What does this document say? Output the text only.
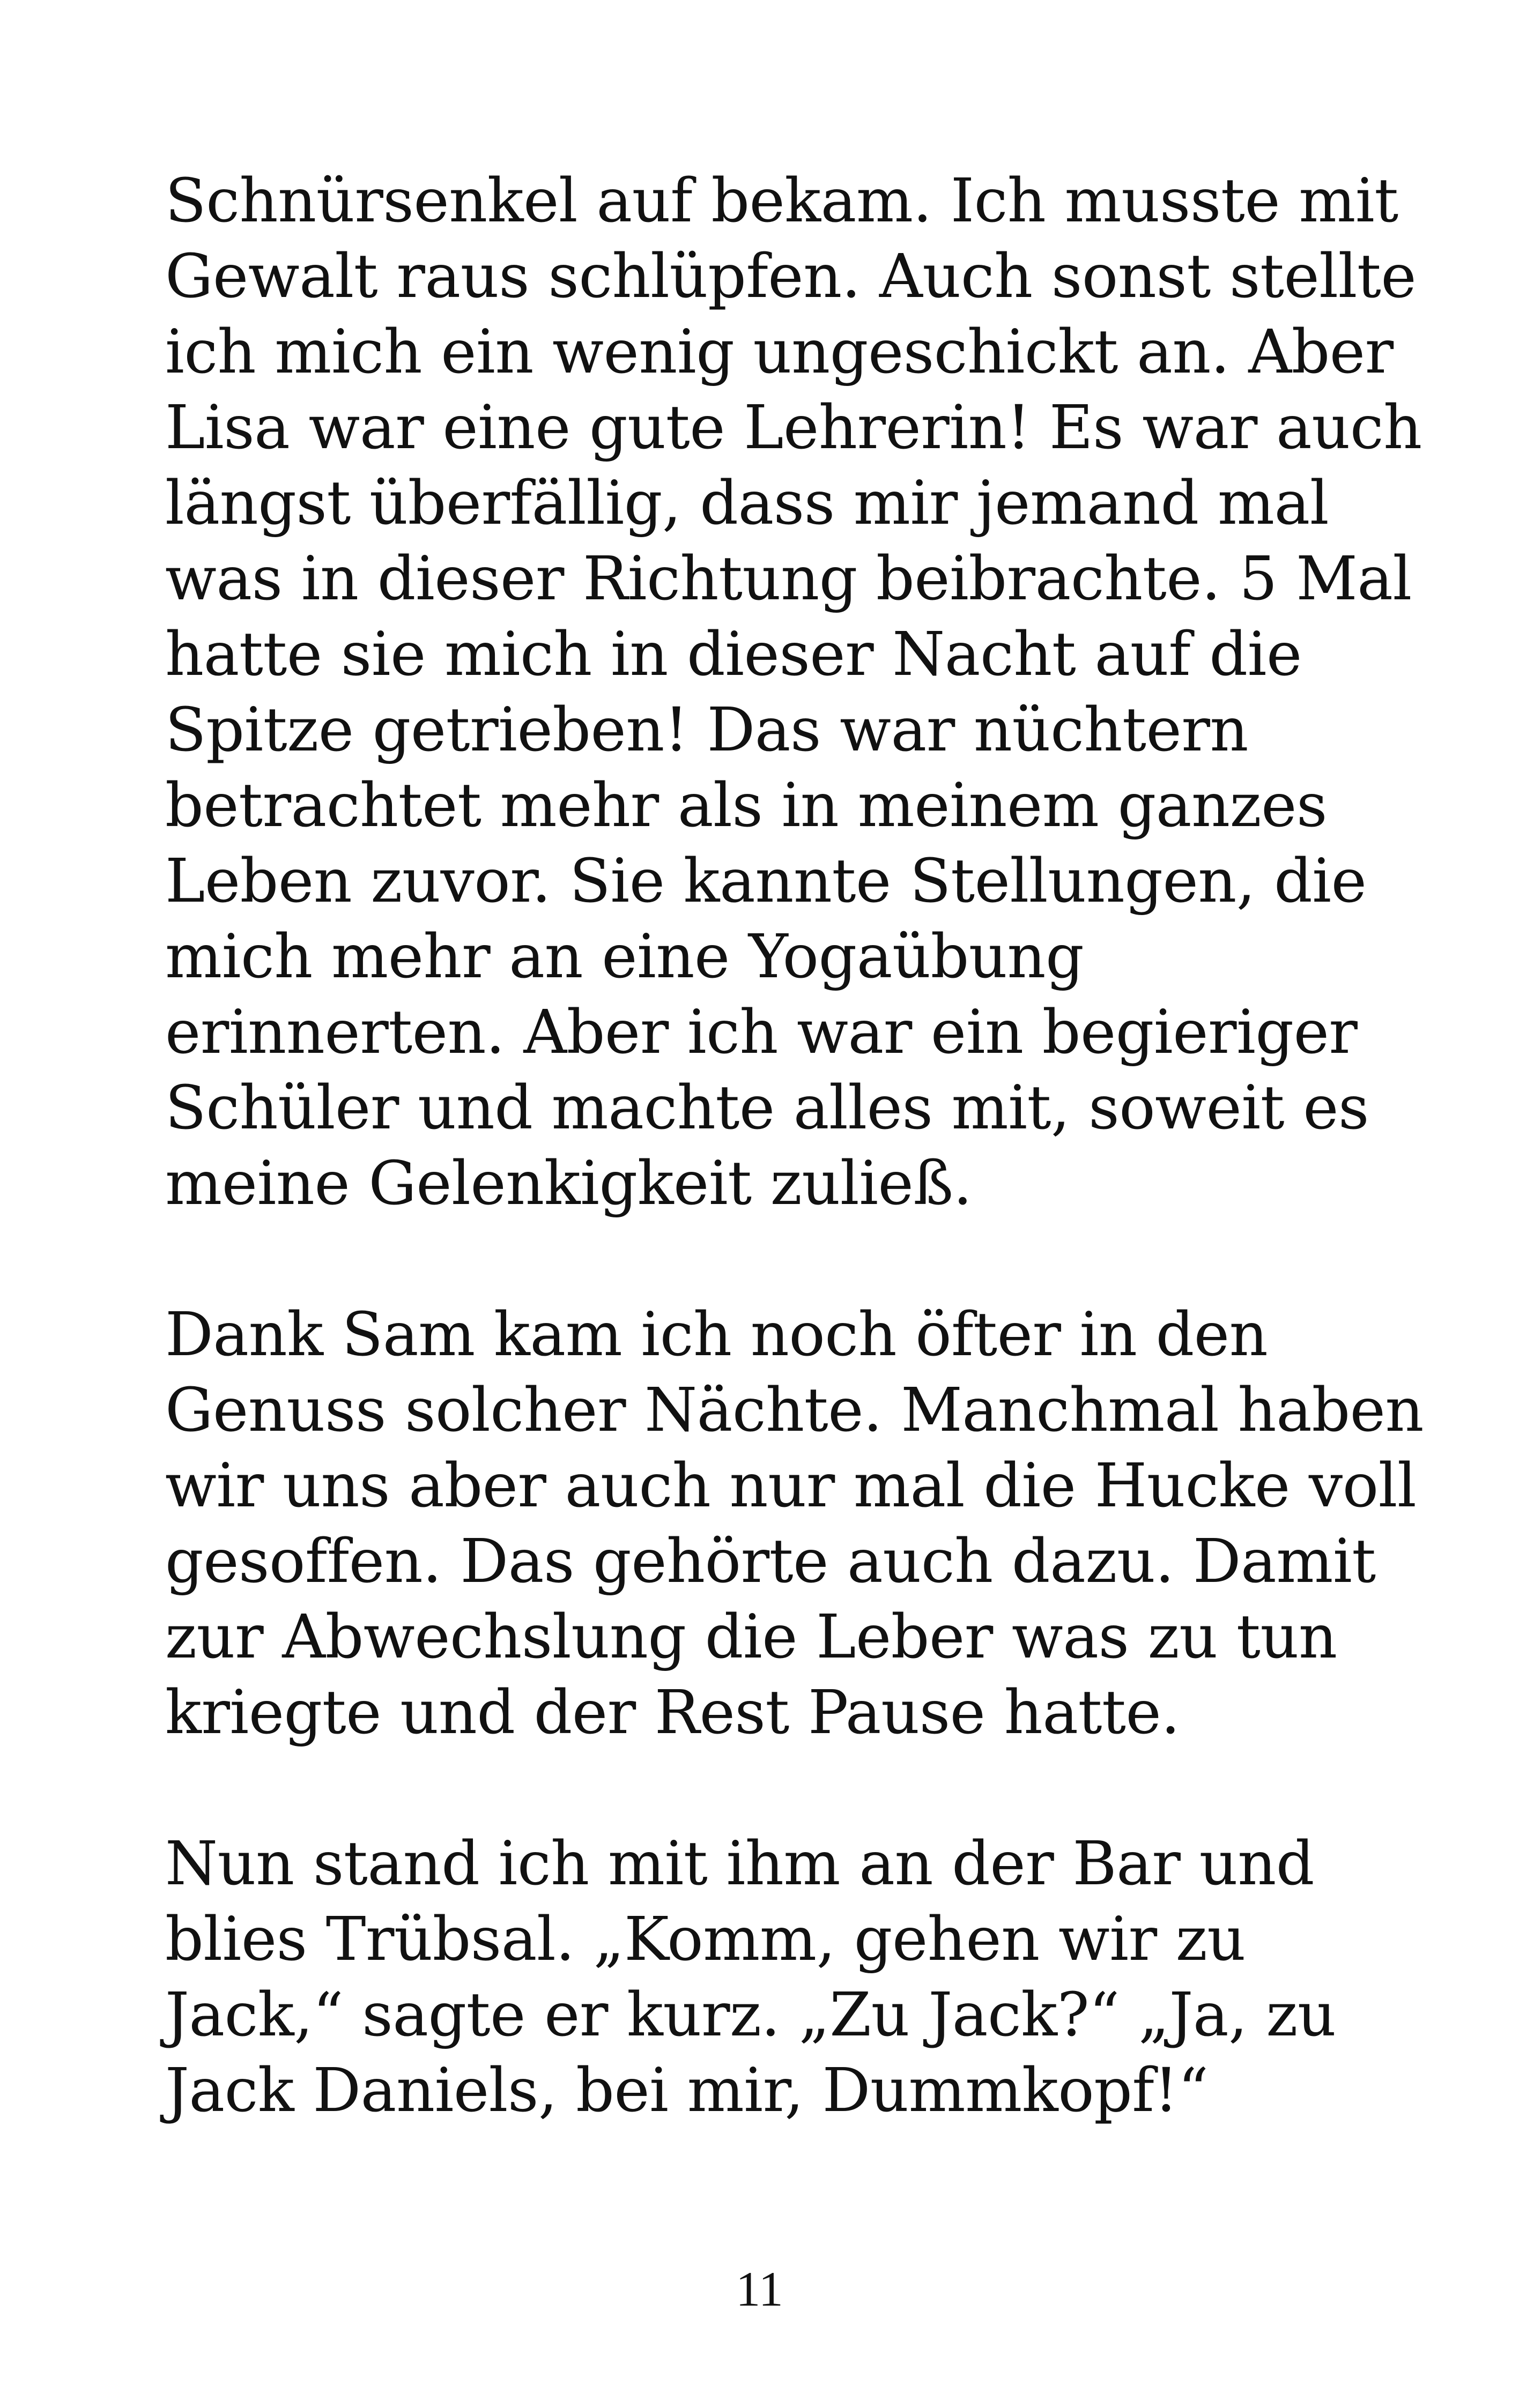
Schnürsenkel auf bekam. Ich musste mit
Gewalt raus schlüpfen. Auch sonst stellte
ich mich ein wenig ungeschickt an. Aber
Lisa war eine gute Lehrerin! Es war auch
längst überfällig, dass mir jemand mal
was in dieser Richtung beibrachte. 5 Mal
hatte sie mich in dieser Nacht auf die
Spitze getrieben! Das war nüchtern
betrachtet mehr als in meinem ganzes
Leben zuvor. Sie kannte Stellungen, die
mich mehr an eine Yogaübung
erinnerten. Aber ich war ein begieriger
Schüler und machte alles mit, soweit es
meine Gelenkigkeit zuließ.

Dank Sam kam ich noch öfter in den
Genuss solcher Nächte. Manchmal haben
wir uns aber auch nur mal die Hucke voll
gesoffen. Das gehörte auch dazu. Damit
zur Abwechslung die Leber was zu tun
kriegte und der Rest Pause hatte.

Nun stand ich mit ihm an der Bar und
blies Trübsal. „Komm, gehen wir zu
Jack,“ sagte er kurz. „Zu Jack?“ „Ja, zu
Jack Daniels, bei mir, Dummkopf!“

11
